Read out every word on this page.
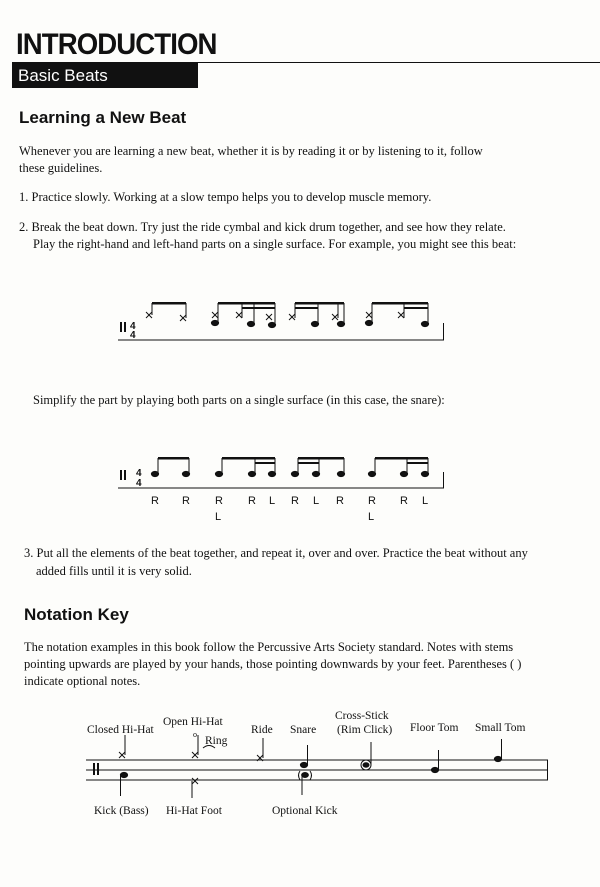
INTRODUCTION
Basic Beats
Learning a New Beat

Whenever you are learning a new beat, whether it is by reading it or by listening to it, follow

these guidelines.

1. Practice slowly. Working at a slow tempo helps you to develop muscle memory.

2. Break the beat down. Try just the ride cymbal and kick drum together, and see how they relate.

Play the right-hand and left-hand parts on a single surface. For example, you might see this beat:

Simplify the part by playing both parts on a single surface (in this case, the snare):

3. Put all the elements of the beat together, and repeat it, over and over. Practice the beat without any

added fills until it is very solid.

Notation Key

The notation examples in this book follow the Percussive Arts Society standard. Notes with stems

pointing upwards are played by your hands, those pointing downwards by your feet. Parentheses ( )

indicate optional notes.

4
4
4
4
R R R R L R L R R R L
L	L
o
Closed Hi-Hat
Open Hi-Hat
Ring
Ride Snare
Cross-Stick
(Rim Click) Floor Tom Small Tom
Kick (Bass) Hi-Hat Foot	Optional Kick
